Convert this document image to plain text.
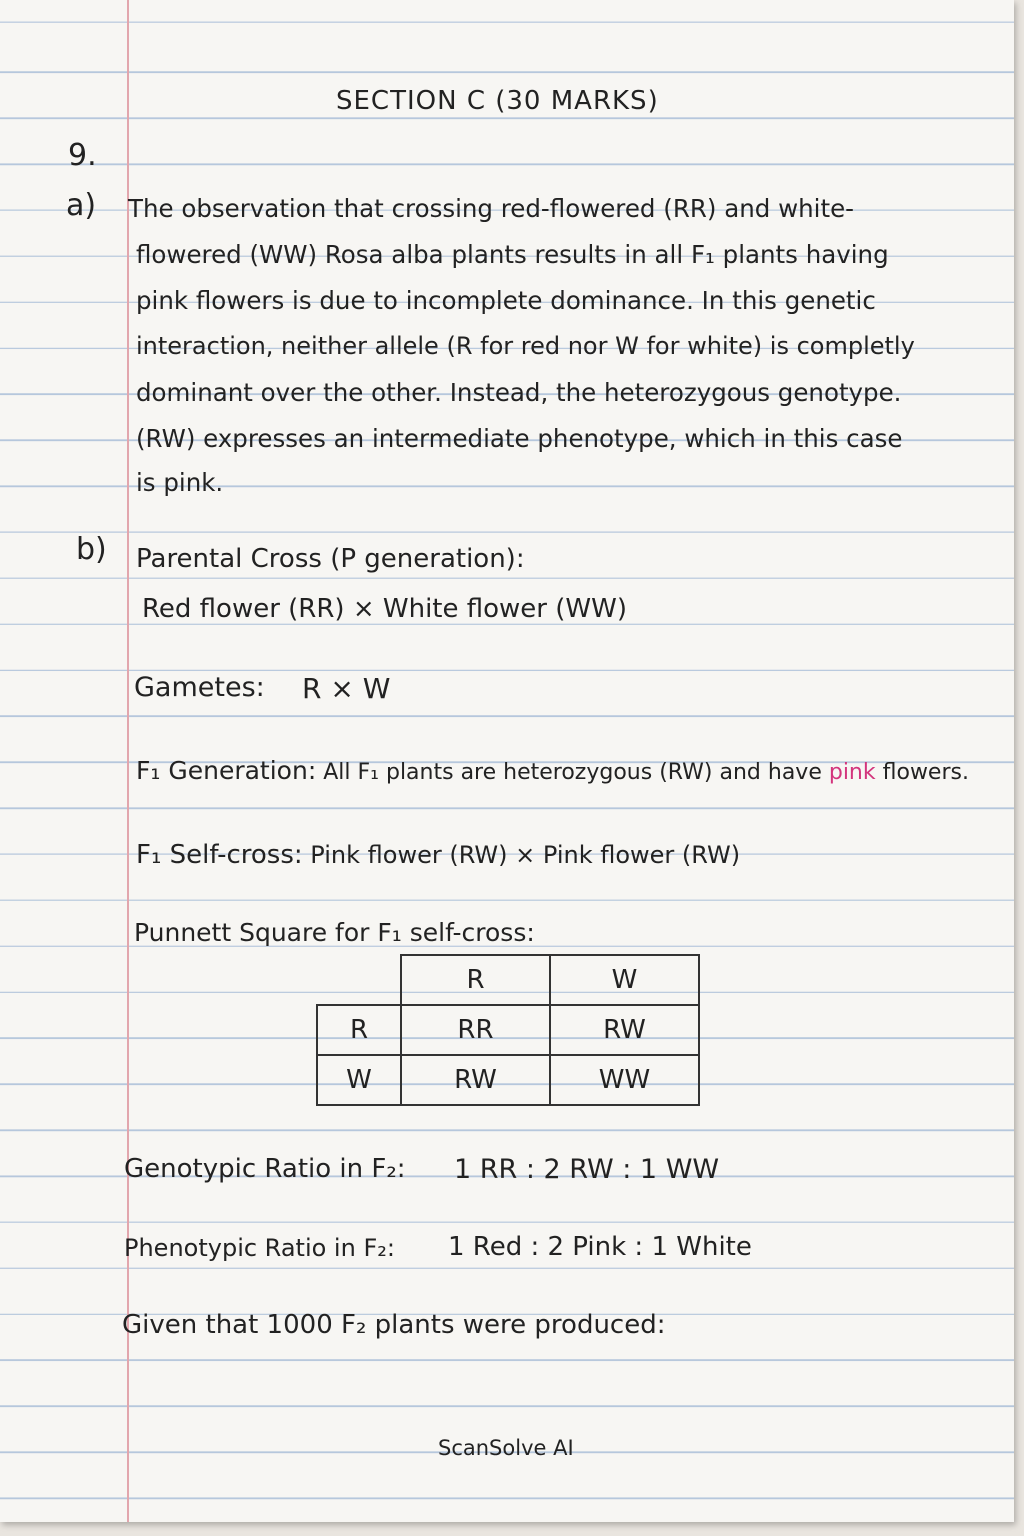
SECTION C (30 MARKS)
9.
a) The observation that crossing red-flowered (RR) and white-
flowered (WW) Rosa alba plants results in all F₁ plants having
pink flowers is due to incomplete dominance. In this genetic
interaction, neither allele (R for red nor W for white) is completly
dominant over the other. Instead, the heterozygous genotype.
(RW) expresses an intermediate phenotype, which in this case
is pink.
b) Parental Cross (P generation):
Red flower (RR) × White flower (WW)
Gametes: R × W
F₁ Generation: All F₁ plants are heterozygous (RW) and have pink flowers.
F₁ Self-cross: Pink flower (RW) × Pink flower (RW)
Punnett Square for F₁ self-cross:
	R	W
R	RR	RW
W	RW	WW
Genotypic Ratio in F₂: 1 RR : 2 RW : 1 WW
Phenotypic Ratio in F₂: 1 Red : 2 Pink : 1 White
Given that 1000 F₂ plants were produced:
ScanSolve AI
